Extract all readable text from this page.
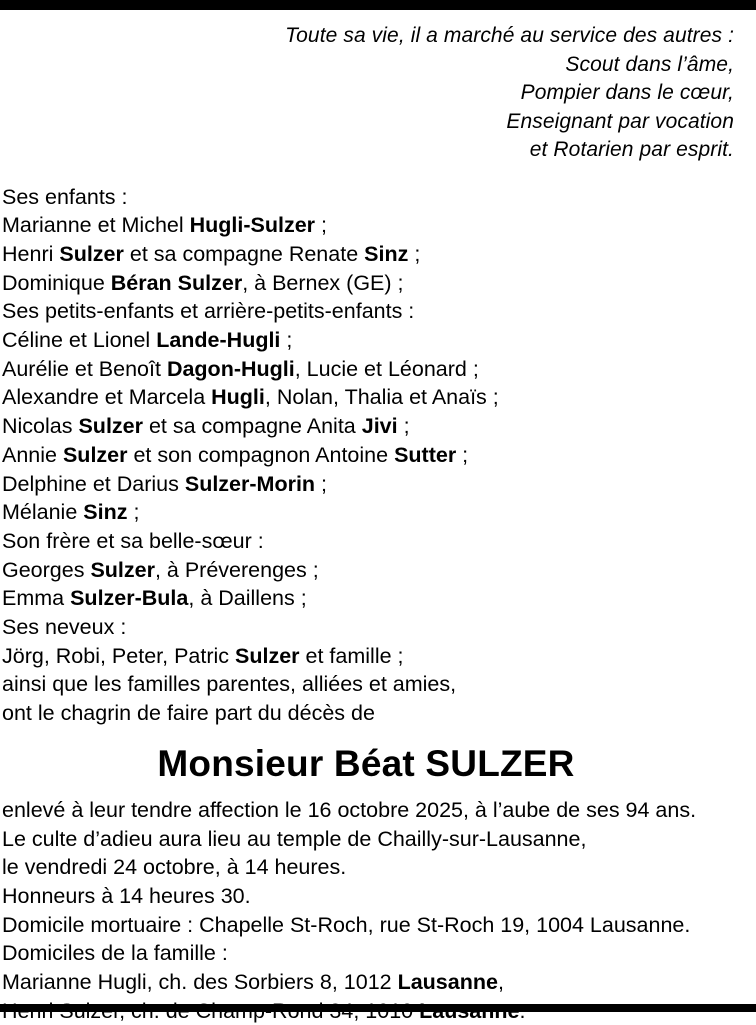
Toute sa vie, il a marché au service des autres :
Scout dans l’âme,
Pompier dans le cœur,
Enseignant par vocation
et Rotarien par esprit.
Ses enfants :
Marianne et Michel Hugli-Sulzer ;
Henri Sulzer et sa compagne Renate Sinz ;
Dominique Béran Sulzer, à Bernex (GE) ;
Ses petits-enfants et arrière-petits-enfants :
Céline et Lionel Lande-Hugli ;
Aurélie et Benoît Dagon-Hugli, Lucie et Léonard ;
Alexandre et Marcela Hugli, Nolan, Thalia et Anaïs ;
Nicolas Sulzer et sa compagne Anita Jivi ;
Annie Sulzer et son compagnon Antoine Sutter ;
Delphine et Darius Sulzer-Morin ;
Mélanie Sinz ;
Son frère et sa belle-sœur :
Georges Sulzer, à Préverenges ;
Emma Sulzer-Bula, à Daillens ;
Ses neveux :
Jörg, Robi, Peter, Patric Sulzer et famille ;
ainsi que les familles parentes, alliées et amies,
ont le chagrin de faire part du décès de
Monsieur Béat SULZER
enlevé à leur tendre affection le 16 octobre 2025, à l’aube de ses 94 ans.
Le culte d’adieu aura lieu au temple de Chailly-sur-Lausanne,
le vendredi 24 octobre, à 14 heures.
Honneurs à 14 heures 30.
Domicile mortuaire : Chapelle St-Roch, rue St-Roch 19, 1004 Lausanne.
Domiciles de la famille :
Marianne Hugli, ch. des Sorbiers 8, 1012 Lausanne,
